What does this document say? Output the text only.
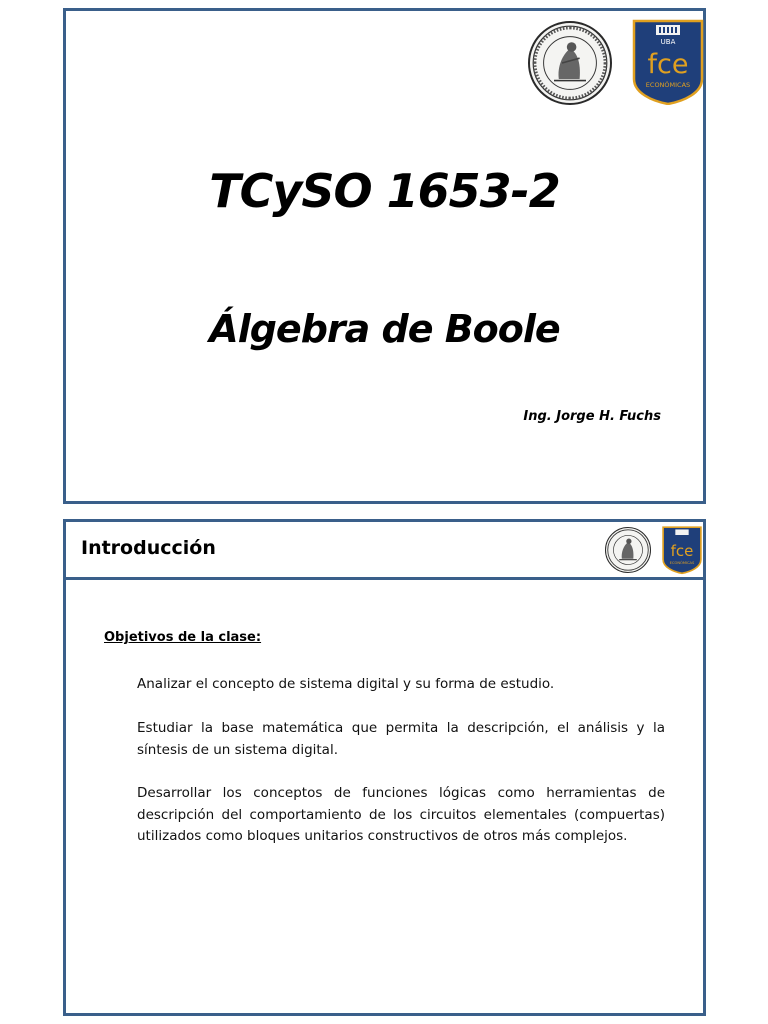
UBA
fce
ECONÓMICAS
TCySO 1653-2
Álgebra de Boole
Ing. Jorge H. Fuchs
Introducción	fce
ECONÓMICAS
Objetivos de la clase:

Analizar el concepto de sistema digital y su forma de estudio.

Estudiar la base matemática que permita la descripción, el análisis y la síntesis de un sistema digital.

Desarrollar los conceptos de funciones lógicas como herramientas de descripción del comportamiento de los circuitos elementales (compuertas) utilizados como bloques unitarios constructivos de otros más complejos.
